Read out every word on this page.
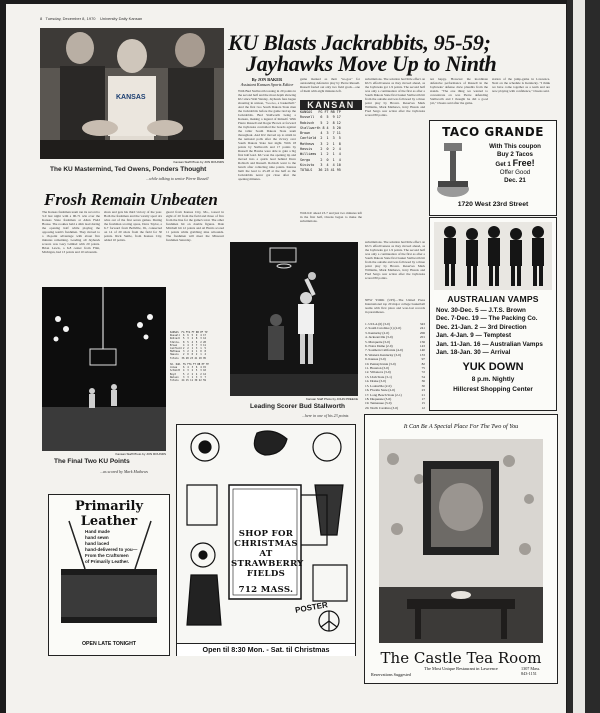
8 Tuesday, December 8, 1970 University Daily Kansan
KANSAS
Kansan Staff Photo by JON ROUNDS
The KU Mastermind, Ted Owens, Ponders Thought
...while talking to senior Pierre Russell
KU Blasts Jackrabbits, 95-59;
Jayhawks Move Up to Ninth
By JON BAKER
Assistant Kansan Sports Editor
With Bud Stallworth tossing in 20 points in the second half and the most depth showing KU since Walt Wesley, Jayhawk fans began shouting in unison, "Go-Go, a basketball." And the first two South Dakota State men the Jackrabbits before the game tied up the Jackrabbits. Bud Stallworth being a Kansan, making a legend of himself. With Pierre Russell and Roger Brown at forward the Jayhawks controlled the boards against the taller South Dakota State team throughout. And KU moved up to ninth in the national polls after the victory over South Dakota State last night. With 18 points by Stallworth and 17 points by Russell the Hawks were able to gain a big first half lead. KU won the opening tip and moved into a quick lead behind Dave Robisch and Russell. Robisch went to the bench after collecting nine points. Kansas built the lead to 45-28 at the half as the Jackrabbits never got close after the opening minutes.
game marked as their "no-gos" for outstanding defensive play by Pierre Russell. Russell fouled out only two field goals—one of them with eight minutes left.
KANSAN
KANSAS   FG FT RB TP
Russell   6  5  9 17
Robisch   5  2  8 12
Stallworth 8 4  5 20
Brown     4  3  7 11
Canfield  2  1  3  5
Mathews   3  2  1  8
Hassis    2  0  2  4
Williams  1  2  1  4
Sergo     2  0  1  4
Kivisto   3  4  4 10
TOTALS   36 23 41 95
With KU ahead 23-7 and just two minutes left in the first half, Owens began to make the substitutions.
substitutions. The solution had little effect on KU's effectiveness as they moved ahead, as the Jayhawks got 1.9 points. The second half was only a continuation of the first as after a South Dakota State first basket Stallworth hit from the outside and was followed by a three point play by Brown. Reserves Mark Williams, Mark Mathews, Jerry Hassis and Fred Sergo saw action after the Jayhawks scored 80 points.
not happy. However the inordinate defensive performance of Russell in the Jayhawks' defense drew plaudits from the stands. "The one thing we wanted to concentrate on was Pierre defending Stallworth and I thought he did a good job," Owens said after the game.
station of the jump-game in Lawrence. Next on the schedule is Kentucky. "I think we have come together as a team and are now playing with confidence," Owens said.
TACO GRANDE
With This coupon
Buy 2 Tacos
Get 1 Free!
Offer Good
Dec. 21
1720 West 23rd Street
AUSTRALIAN VAMPS
Nov. 30-Dec. 5 — J.T.S. Brown
Dec. 7-Dec. 19 — The Packing Co.
Dec. 21-Jan. 2 — 3rd Direction
Jan. 4-Jan. 9 — Temptest
Jan. 11-Jan. 16 — Australian Vamps
Jan. 18-Jan. 30 — Arrival
YUK DOWN
8 p.m. Nightly
Hillcrest Shopping Center
Frosh Remain Unbeaten
The Kansas freshman team ran its record to 3-0 last night with a 90-71 win over the Kansas State freshman at Allen Field House. The rookies held a slim lead during the opening half while playing the opposing team's freshmen. They moved to a 16-point advantage with about five minutes remaining. Leading all Jayhawk scorers was Gary Gimbel with 20 points. Brian Lewis, a 6-8 center from Flint, Michigan, had 13 points and 10 rebounds.
shots and gets his third victory of the year. Both the freshmen and the varsity sport six wins out of the first seven games. During the freshman scoring spree, Dave Taylor, a 6-7 forward from Bellville, Ill., connected on 14 of 20 shots from the field for 30 points. Rick Suttle, from Kansas City, added 10 points.
guard from Kansas City, Mo., tossed in eight of 20 from the field and three of five from the line for the game's total. The other freshmen hit on double figures. Dale Mitchell hit 12 points and Al Harris scored 11 points while grabbing nine rebounds. The freshmen will meet the Missouri freshmen Saturday.
Kansan Staff Photo by JON ROUNDS
The Final Two KU Points
...as scored by Mark Mathews
KANSAS  FG FTA FT RB PF TP
Russell  6  6  5  9  4 17
Robisch  5  3  2  8  3 12
Stallw.  8  5  4  5  2 20
Brown    4  4  3  7  3 11
Canfield 2  2  1  3  1  5
Mathews  3  2  2  1  0  8
Hassis   2  0  0  2  1  4
Totals  36 28 23 41 18 95

SO. DAK. FG FTA FT RB PF TP
Jones    6  4  3  6  4 15
Schmidt  4  3  2  5  3 10
Boyd     5  2  2  4  2 12
Nelson   3  3  1  3  3  7
Totals  24 15 11 30 22 59
Kansan Staff Photo by JOHN PREECE
Leading Scorer Bud Stallworth
...here in one of his 23 points
substitutions. The solution had little effect on KU's effectiveness as they moved ahead, as the Jayhawks got 1.9 points. The second half was only a continuation of the first as after a South Dakota State first basket Stallworth hit from the outside and was followed by a three point play by Brown. Reserves Mark Williams, Mark Mathews, Jerry Hassis and Fred Sergo saw action after the Jayhawks scored 80 points.
NEW YORK (UPI)—The United Press International top 20 major college basketball teams with first place and won-lost records in parentheses.
1. UCLA (6) (3-0)	343
2. South Carolina (1) (2-0)	241
3. Kentucky (2-0)	206
4. Jacksonville (3-0)	201
5. Marquette (3-0)	156
6. Notre Dame (2-0)	143
7. Southern California (4-0)	140
8. Western Kentucky (3-0)	133
9. Kansas (3-0)	97
10. Pennsylvania (3-0)	82
11. Houston (3-0)	75
12. Villanova (3-0)	72
13. Utah State (3-1)	54
14. Drake (3-0)	36
15. Louisville (2-0)	30
16. Florida State (2-0)	23
17. Long Beach State (2-1)	21
18. Duquesne (3-0)	17
19. Tennessee (3-0)	15
20. North Carolina (3-0)	12
Primarily Leather
Hand made
hand sewn
hand laced
hand-delivered to you—
From the Craftsmen
of Primarily Leather.
OPEN LATE TONIGHT
SHOP FOR
CHRISTMAS
AT
STRAWBERRY
FIELDS
712 MASS.
POSTER
Open til 8:30 Mon. - Sat. til Christmas
It Can Be A Special Place For The Two of You
The Castle Tea Room
The Most Unique Restaurant in Lawrence
Reservations Suggested
1307 Mass.
843-1151
